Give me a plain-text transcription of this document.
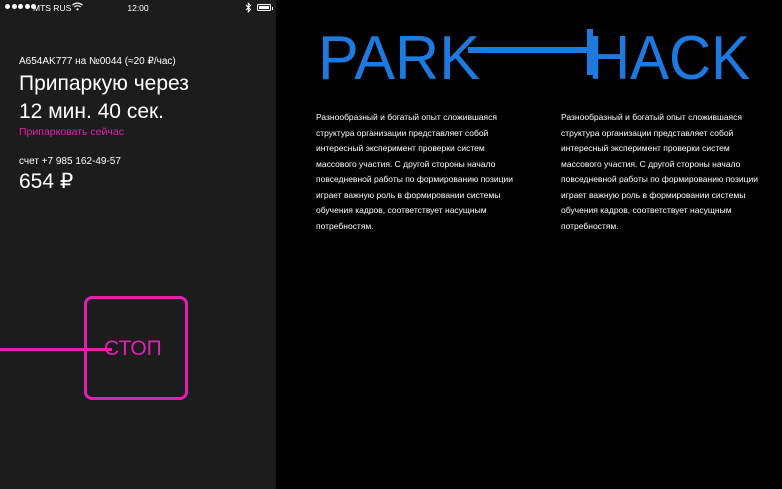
MTS RUS	12:00
A654AK777 на №0044 (≈20 ₽/час)
Припаркую через
12 мин. 40 сек.
Припарковать сейчас
счет +7 985 162-49-57
654 ₽
СТОП
PARK HACK
Разнообразный и богатый опыт сложившаяся структура организации представляет собой интересный эксперимент проверки систем массового участия. С другой стороны начало повседневной работы по формированию позиции играет важную роль в формировании системы обучения кадров, соответствует насущным потребностям.
Разнообразный и богатый опыт сложившаяся структура организации представляет собой интересный эксперимент проверки систем массового участия. С другой стороны начало повседневной работы по формированию позиции играет важную роль в формировании системы обучения кадров, соответствует насущным потребностям.
